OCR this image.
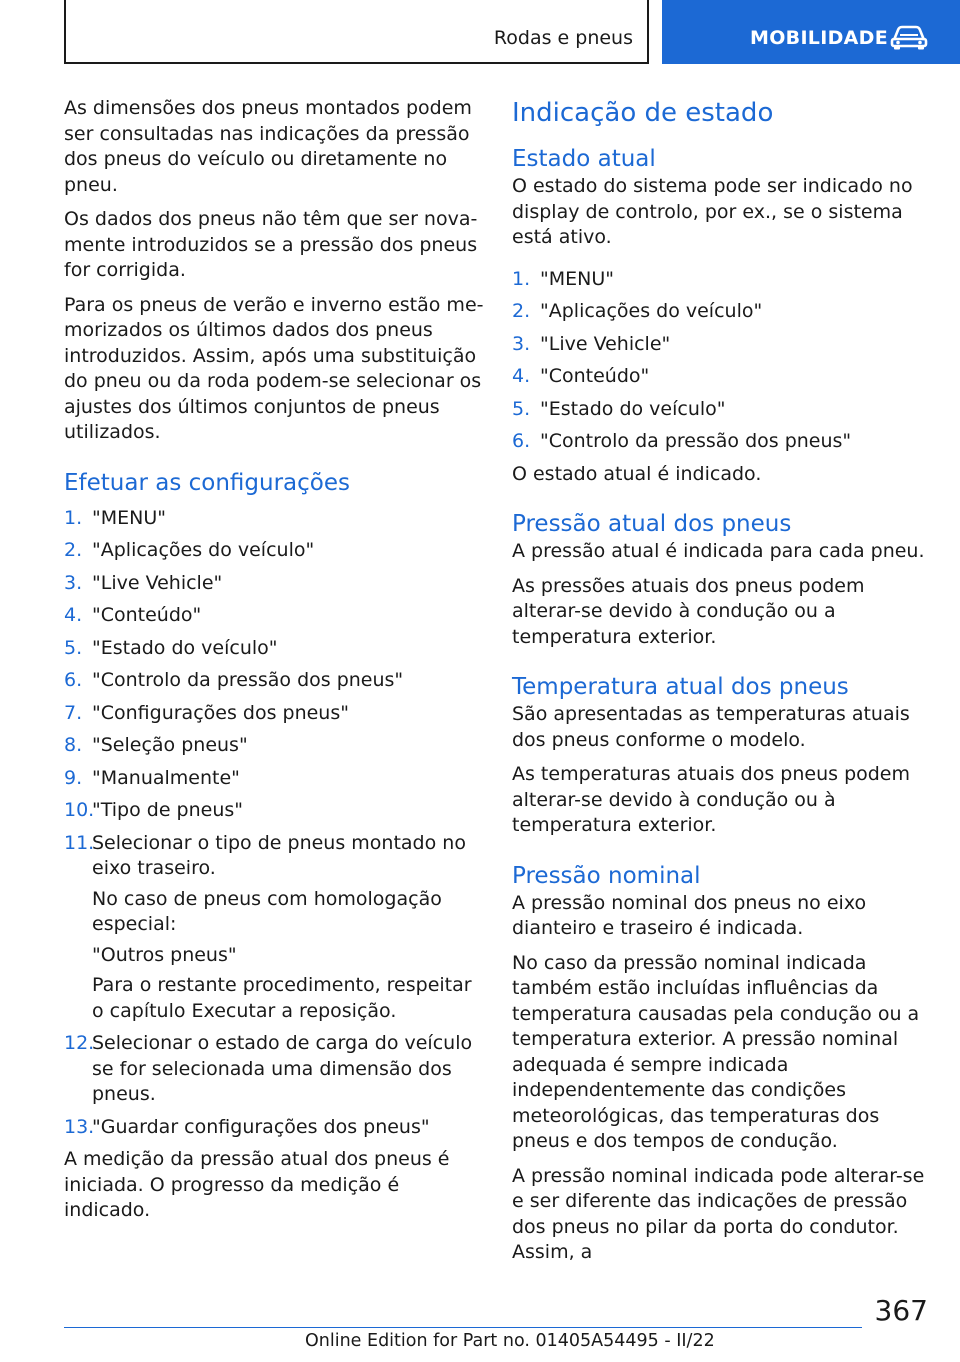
Rodas e pneus	MOBILIDADE

As dimensões dos pneus montados podem ser consultadas nas indicações da pressão dos pneus do veículo ou diretamente no pneu.

Os dados dos pneus não têm que ser novamente introduzidos se a pressão dos pneus for corrigida.

Para os pneus de verão e inverno estão memorizados os últimos dados dos pneus introduzidos. Assim, após uma substituição do pneu ou da roda podem-se selecionar os ajustes dos últimos conjuntos de pneus utilizados.

Efetuar as configurações
1. "MENU"
2. "Aplicações do veículo"
3. "Live Vehicle"
4. "Conteúdo"
5. "Estado do veículo"
6. "Controlo da pressão dos pneus"
7. "Configurações dos pneus"
8. "Seleção pneus"
9. "Manualmente"
10.
"Tipo de pneus"
11.
Selecionar o tipo de pneus montado no eixo traseiro.
No caso de pneus com homologação especial:
"Outros pneus"
Para o restante procedimento, respeitar o capítulo Executar a reposição.
12.
Selecionar o estado de carga do veículo se for selecionada uma dimensão dos pneus.
13.
"Guardar configurações dos pneus"

A medição da pressão atual dos pneus é iniciada. O progresso da medição é indicado.

Indicação de estado
Estado atual

O estado do sistema pode ser indicado no display de controlo, por ex., se o sistema está ativo.

1. "MENU"
2. "Aplicações do veículo"
3. "Live Vehicle"
4. "Conteúdo"
5. "Estado do veículo"
6. "Controlo da pressão dos pneus"

O estado atual é indicado.

Pressão atual dos pneus

A pressão atual é indicada para cada pneu.

As pressões atuais dos pneus podem alterar-se devido à condução ou a temperatura exterior.

Temperatura atual dos pneus

São apresentadas as temperaturas atuais dos pneus conforme o modelo.

As temperaturas atuais dos pneus podem alterar-se devido à condução ou à temperatura exterior.

Pressão nominal

A pressão nominal dos pneus no eixo dianteiro e traseiro é indicada.

No caso da pressão nominal indicada também estão incluídas influências da temperatura causadas pela condução ou a temperatura exterior. A pressão nominal adequada é sempre indicada independentemente das condições meteorológicas, das temperaturas dos pneus e dos tempos de condução.

A pressão nominal indicada pode alterar-se e ser diferente das indicações de pressão dos pneus no pilar da porta do condutor. Assim, a

367
Online Edition for Part no. 01405A54495 - II/22
